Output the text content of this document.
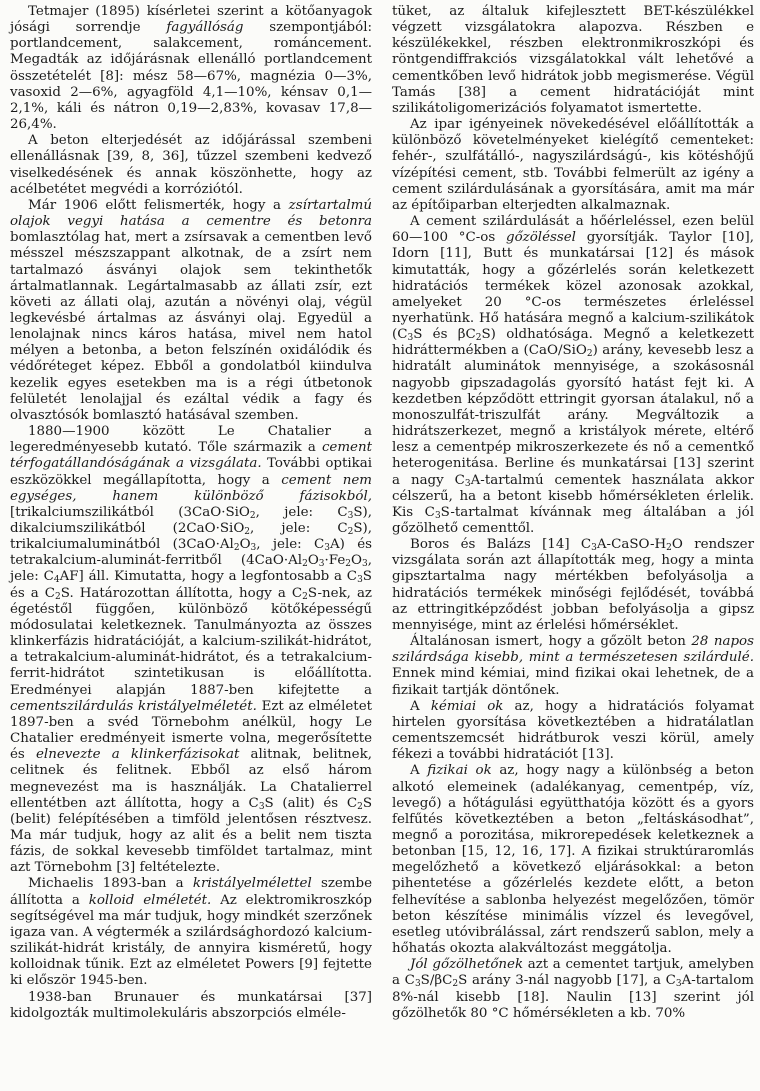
Tetmajer (1895) kísérletei szerint a kötőanyagok jósági sorrendje fagyállóság szempontjából: portlandcement, salakcement, románcement. Megadták az időjárásnak ellenálló portlandcement összetételét [8]: mész 58—67%, magnézia 0—3%, vasoxid 2—6%, agyagföld 4,1—10%, kénsav 0,1—2,1%, káli és nátron 0,19—2,83%, kovasav 17,8—26,4%.

A beton elterjedését az időjárással szembeni ellenállásnak [39, 8, 36], tűzzel szembeni kedvező viselkedésének és annak köszönhette, hogy az acélbetétet megvédi a korróziótól.

Már 1906 előtt felismerték, hogy a zsírtartalmú olajok vegyi hatása a cementre és betonra bomlasztólag hat, mert a zsírsavak a cementben levő mésszel mészszappant alkotnak, de a zsírt nem tartalmazó ásványi olajok sem tekinthetők ártalmatlannak. Legártalmasabb az állati zsír, ezt követi az állati olaj, azután a növényi olaj, végül legkevésbé ártalmas az ásványi olaj. Egyedül a lenolajnak nincs káros hatása, mivel nem hatol mélyen a betonba, a beton felszínén oxidálódik és védőréteget képez. Ebből a gondolatból kiindulva kezelik egyes esetekben ma is a régi útbetonok felületét lenolajjal és ezáltal védik a fagy és olvasztósók bomlasztó hatásával szemben.

1880—1900 között Le Chatalier a legeredményesebb kutató. Tőle származik a cement térfogatállandóságának a vizsgálata. További optikai eszközökkel megállapította, hogy a cement nem egységes, hanem különböző fázisokból, [trikalciumszilikátból (3CaO·SiO$_2$, jele: $C_3S$), dikalciumszilikátból (2CaO·SiO$_2$, jele: $C_2S$), trikalciumaluminátból ($3CaO\cdot Al_2O_3$, jele: $C_3A$) és tetrakalcium-aluminát-ferritből ($4CaO\cdot Al_2O_3\cdot Fe_2O_3$, jele: $C_4AF$] áll. Kimutatta, hogy a legfontosabb a $C_3S$ és a $C_2S$. Határozottan állította, hogy a $C_2S$-nek, az égetéstől függően, különböző kötőképességű módosulatai keletkeznek. Tanulmányozta az összes klinkerfázis hidratációját, a kalcium-szilikát-hidrátot, a tetrakalcium-aluminát-hidrátot, és a tetrakalcium-ferrit-hidrátot szintetikusan is előállította. Eredményei alapján 1887-ben kifejtette a cementszilárdulás kristályelméletét. Ezt az elméletet 1897-ben a svéd Törnebohm anélkül, hogy Le Chatalier eredményeit ismerte volna, megerősítette és elnevezte a klinkerfázisokat alitnak, belitnek, celitnek és felitnek. Ebből az első három megnevezést ma is használják. La Chatalierrel ellentétben azt állította, hogy a $C_3S$ (alit) és $C_2S$ (belit) felépítésében a timföld jelentősen résztvesz. Ma már tudjuk, hogy az alit és a belit nem tiszta fázis, de sokkal kevesebb timföldet tartalmaz, mint azt Törnebohm [3] feltételezte.

Michaelis 1893-ban a kristályelmélettel szembe állította a kolloid elméletét. Az elektromikroszkóp segítségével ma már tudjuk, hogy mindkét szerzőnek igaza van. A végtermék a szilárdsághordozó kalcium-szilikát-hidrát kristály, de annyira kisméretű, hogy kolloidnak tűnik. Ezt az elméletet Powers [9] fejtette ki először 1945-ben.

1938-ban Brunauer és munkatársai [37] kidolgozták multimolekuláris abszorpciós elméle-

tüket, az általuk kifejlesztett BET-készülékkel végzett vizsgálatokra alapozva. Részben e készülékekkel, részben elektronmikroszkópi és röntgendiffrakciós vizsgálatokkal vált lehetővé a cementkőben levő hidrátok jobb megismerése. Végül Tamás [38] a cement hidratációját mint szilikátoligomerizációs folyamatot ismertette.

Az ipar igényeinek növekedésével előállították a különböző követelményeket kielégítő cementeket: fehér-, szulfátálló-, nagyszilárdságú-, kis kötéshőjű vízépítési cement, stb. További felmerült az igény a cement szilárdulásának a gyorsítására, amit ma már az építőiparban elterjedten alkalmaznak.

A cement szilárdulását a hőérleléssel, ezen belül 60—100 °C-os gőzöléssel gyorsítják. Taylor [10], Idorn [11], Butt és munkatársai [12] és mások kimutatták, hogy a gőzérlelés során keletkezett hidratációs termékek közel azonosak azokkal, amelyeket 20 °C-os természetes érleléssel nyerhatünk. Hő hatására megnő a kalcium-szilikátok ($C_3S$ és $\beta C_2S$) oldhatósága. Megnő a keletkezett hidráttermékben a (CaO/SiO$_2$) arány, kevesebb lesz a hidratált aluminátok mennyisége, a szokásosnál nagyobb gipszadagolás gyorsító hatást fejt ki. A kezdetben képződött ettringit gyorsan átalakul, nő a monoszulfát-triszulfát arány. Megváltozik a hidrátszerkezet, megnő a kristályok mérete, eltérő lesz a cementpép mikroszerkezete és nő a cementkő heterogenitása. Berline és munkatársai [13] szerint a nagy $C_3A$-tartalmú cementek használata akkor célszerű, ha a betont kisebb hőmérsékleten érlelik. Kis $C_3S$-tartalmat kívánnak meg általában a jól gőzölhető cementtől.

Boros és Balázs [14] $C_3A-CaSO-H_2O$ rendszer vizsgálata során azt állapították meg, hogy a minta gipsztartalma nagy mértékben befolyásolja a hidratációs termékek minőségi fejlődését, továbbá az ettringitképződést jobban befolyásolja a gipsz mennyisége, mint az érlelési hőmérséklet.

Általánosan ismert, hogy a gőzölt beton 28 napos szilárdsága kisebb, mint a természetesen szilárdulé. Ennek mind kémiai, mind fizikai okai lehetnek, de a fizikait tartják döntőnek.

A kémiai ok az, hogy a hidratációs folyamat hirtelen gyorsítása következtében a hidratálatlan cementszemcsét hidrátburok veszi körül, amely fékezi a további hidratációt [13].

A fizikai ok az, hogy nagy a különbség a beton alkotó elemeinek (adalékanyag, cementpép, víz, levegő) a hőtágulási együtthatója között és a gyors felfűtés következtében a beton „feltáskásodhat”, megnő a porozitása, mikrorepedések keletkeznek a betonban [15, 12, 16, 17]. A fizikai struktúraromlás megelőzhető a következő eljárásokkal: a beton pihentetése a gőzérlelés kezdete előtt, a beton felhevítése a sablonba helyezést megelőzően, tömör beton készítése minimális vízzel és levegővel, esetleg utóvibrálással, zárt rendszerű sablon, mely a hőhatás okozta alakváltozást meggátolja.

Jól gőzölhetőnek azt a cementet tartjuk, amelyben a $C_3S/\beta C_2S$ arány 3-nál nagyobb [17], a $C_3A$-tartalom 8%-nál kisebb [18]. Naulin [13] szerint jól gőzölhetők 80 °C hőmérsékleten a kb. 70%
